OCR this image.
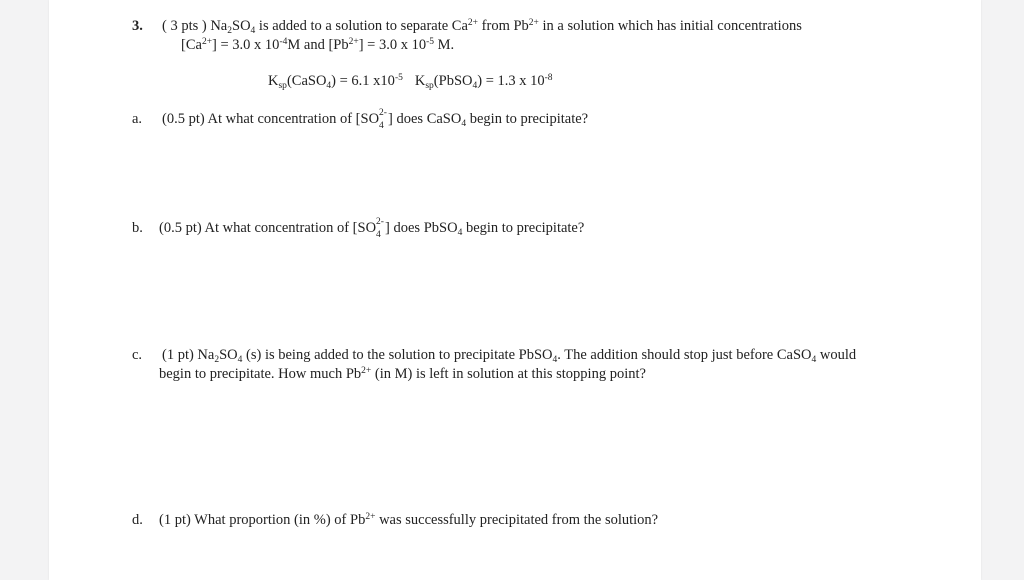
3. ( 3 pts ) $Na_2SO_4$ is added to a solution to separate $Ca^{2+}$ from $Pb^{2+}$ in a solution which has initial concentrations
$[Ca^{2+}] = 3.0$ x $10^{-4}M$ and $[Pb^{2+}] = 3.0$ x $10^{-5}$ M.
$K_{sp}(CaSO_4) = 6.1$ $x10^{-5}$ $K_{sp}(PbSO_4) = 1.3$ x $10^{-8}$
a. (0.5 pt) At what concentration of [SO 2-
4 ] does CaSO$_4$ begin to precipitate?
b. (0.5 pt) At what concentration of [SO 2-
4 ] does PbSO$_4$ begin to precipitate?
c. (1 pt) $Na_2SO_4$ (s) is being added to the solution to precipitate PbSO$_4$. The addition should stop just before CaSO$_4$ would
begin to precipitate. How much $Pb^{2+}$ (in M) is left in solution at this stopping point?
d. (1 pt) What proportion (in %) of $Pb^{2+}$ was successfully precipitated from the solution?
